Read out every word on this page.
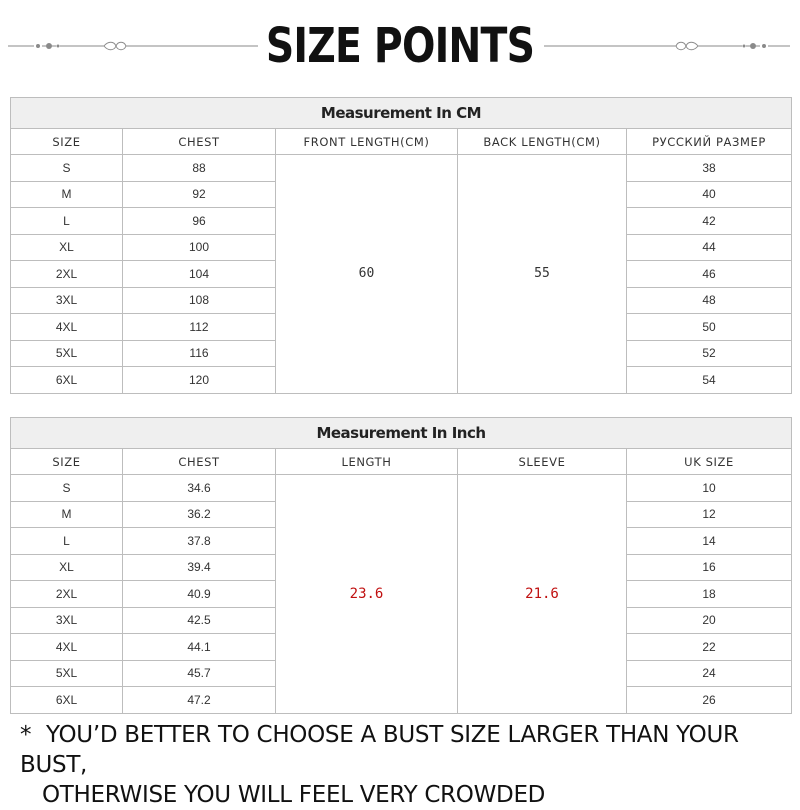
SIZE POINTS
Measurement In CM				
SIZE	CHEST	FRONT LENGTH(CM)	BACK LENGTH(CM)	РУССКИЙ РАЗМЕР
S	88	60	55	38
M	92			40
L	96			42
XL	100			44
2XL	104			46
3XL	108			48
4XL	112			50
5XL	116			52
6XL	120			54
Measurement In Inch				
SIZE	CHEST	LENGTH	SLEEVE	UK SIZE
S	34.6	23.6	21.6	10
M	36.2			12
L	37.8			14
XL	39.4			16
2XL	40.9			18
3XL	42.5			20
4XL	44.1			22
5XL	45.7			24
6XL	47.2			26
* YOU’D BETTER TO CHOOSE A BUST SIZE LARGER THAN YOUR BUST,
OTHERWISE YOU WILL FEEL VERY CROWDED
